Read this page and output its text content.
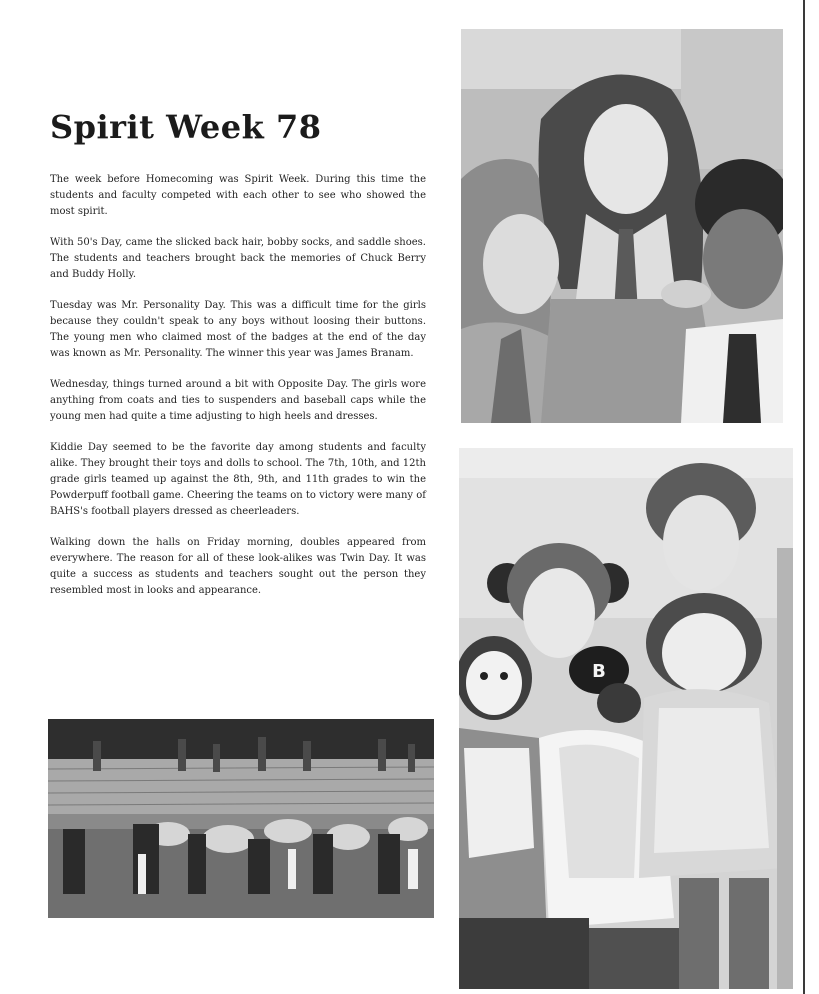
Spirit Week 78

The week before Homecoming was Spirit Week. During this time the students and faculty competed with each other to see who showed the most spirit.

With 50's Day, came the slicked back hair, bobby socks, and saddle shoes. The students and teachers brought back the memories of Chuck Berry and Buddy Holly.

Tuesday was Mr. Personality Day. This was a difficult time for the girls because they couldn't speak to any boys without loosing their buttons. The young men who claimed most of the badges at the end of the day was known as Mr. Personality. The winner this year was James Branam.

Wednesday, things turned around a bit with Opposite Day. The girls wore anything from coats and ties to suspenders and baseball caps while the young men had quite a time adjusting to high heels and dresses.

Kiddie Day seemed to be the favorite day among students and faculty alike. They brought their toys and dolls to school. The 7th, 10th, and 12th grade girls teamed up against the 8th, 9th, and 11th grades to win the Powderpuff football game. Cheering the teams on to victory were many of BAHS's football players dressed as cheerleaders.

Walking down the halls on Friday morning, doubles appeared from everywhere. The reason for all of these look-alikes was Twin Day. It was quite a success as students and teachers sought out the person they resembled most in looks and appearance.

B
